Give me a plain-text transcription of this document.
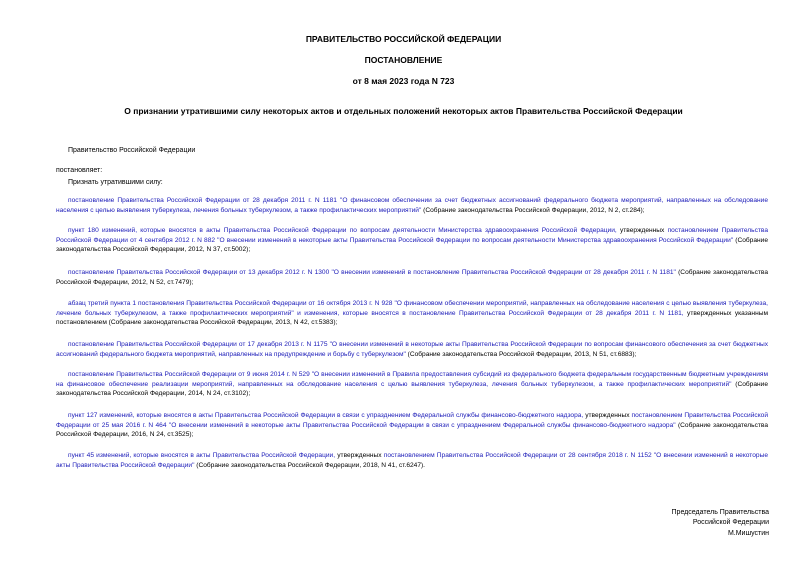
ПРАВИТЕЛЬСТВО РОССИЙСКОЙ ФЕДЕРАЦИИ
ПОСТАНОВЛЕНИЕ
от 8 мая 2023 года N 723
О признании утратившими силу некоторых актов и отдельных положений некоторых актов Правительства Российской Федерации
Правительство Российской Федерации
постановляет:
Признать утратившими силу:
постановление Правительства Российской Федерации от 28 декабря 2011 г. N 1181 "О финансовом обеспечении за счет бюджетных ассигнований федерального бюджета мероприятий, направленных на обследование населения с целью выявления туберкулеза, лечения больных туберкулезом, а также профилактических мероприятий" (Собрание законодательства Российской Федерации, 2012, N 2, ст.284);
пункт 180 изменений, которые вносятся в акты Правительства Российской Федерации по вопросам деятельности Министерства здравоохранения Российской Федерации, утвержденных постановлением Правительства Российской Федерации от 4 сентября 2012 г. N 882 "О внесении изменений в некоторые акты Правительства Российской Федерации по вопросам деятельности Министерства здравоохранения Российской Федерации" (Собрание законодательства Российской Федерации, 2012, N 37, ст.5002);
постановление Правительства Российской Федерации от 13 декабря 2012 г. N 1300 "О внесении изменений в постановление Правительства Российской Федерации от 28 декабря 2011 г. N 1181" (Собрание законодательства Российской Федерации, 2012, N 52, ст.7479);
абзац третий пункта 1 постановления Правительства Российской Федерации от 16 октября 2013 г. N 928 "О финансовом обеспечении мероприятий, направленных на обследование населения с целью выявления туберкулеза, лечение больных туберкулезом, а также профилактических мероприятий" и изменения, которые вносятся в постановление Правительства Российской Федерации от 28 декабря 2011 г. N 1181, утвержденных указанным постановлением (Собрание законодательства Российской Федерации, 2013, N 42, ст.5383);
постановление Правительства Российской Федерации от 17 декабря 2013 г. N 1175 "О внесении изменений в некоторые акты Правительства Российской Федерации по вопросам финансового обеспечения за счет бюджетных ассигнований федерального бюджета мероприятий, направленных на предупреждение и борьбу с туберкулезом" (Собрание законодательства Российской Федерации, 2013, N 51, ст.6883);
постановление Правительства Российской Федерации от 9 июня 2014 г. N 529 "О внесении изменений в Правила предоставления субсидий из федерального бюджета федеральным государственным бюджетным учреждениям на финансовое обеспечение реализации мероприятий, направленных на обследование населения с целью выявления туберкулеза, лечения больных туберкулезом, а также профилактических мероприятий" (Собрание законодательства Российской Федерации, 2014, N 24, ст.3102);
пункт 127 изменений, которые вносятся в акты Правительства Российской Федерации в связи с упразднением Федеральной службы финансово-бюджетного надзора, утвержденных постановлением Правительства Российской Федерации от 25 мая 2016 г. N 464 "О внесении изменений в некоторые акты Правительства Российской Федерации в связи с упразднением Федеральной службы финансово-бюджетного надзора" (Собрание законодательства Российской Федерации, 2016, N 24, ст.3525);
пункт 45 изменений, которые вносятся в акты Правительства Российской Федерации, утвержденных постановлением Правительства Российской Федерации от 28 сентября 2018 г. N 1152 "О внесении изменений в некоторые акты Правительства Российской Федерации" (Собрание законодательства Российской Федерации, 2018, N 41, ст.6247).
Председатель Правительства
Российской Федерации
М.Мишустин
